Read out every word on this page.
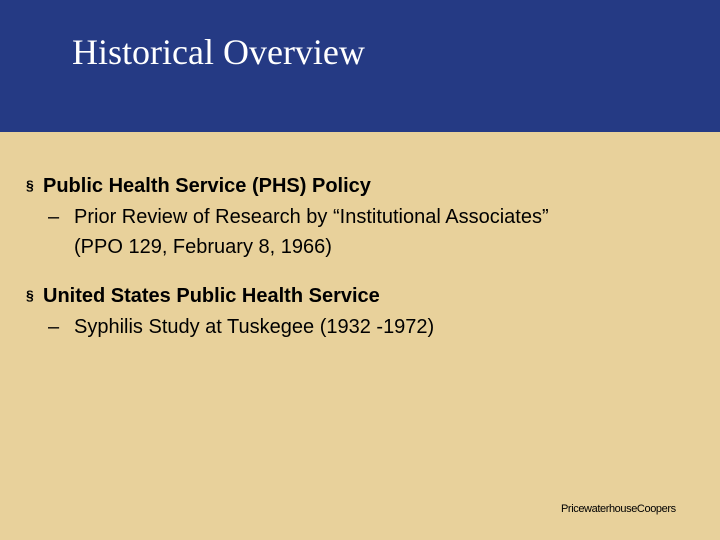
Historical Overview
§ Public Health Service (PHS) Policy
– Prior Review of Research by “Institutional Associates”
(PPO 129, February 8, 1966)
§ United States Public Health Service
– Syphilis Study at Tuskegee (1932 -1972)
PricewaterhouseCoopers
